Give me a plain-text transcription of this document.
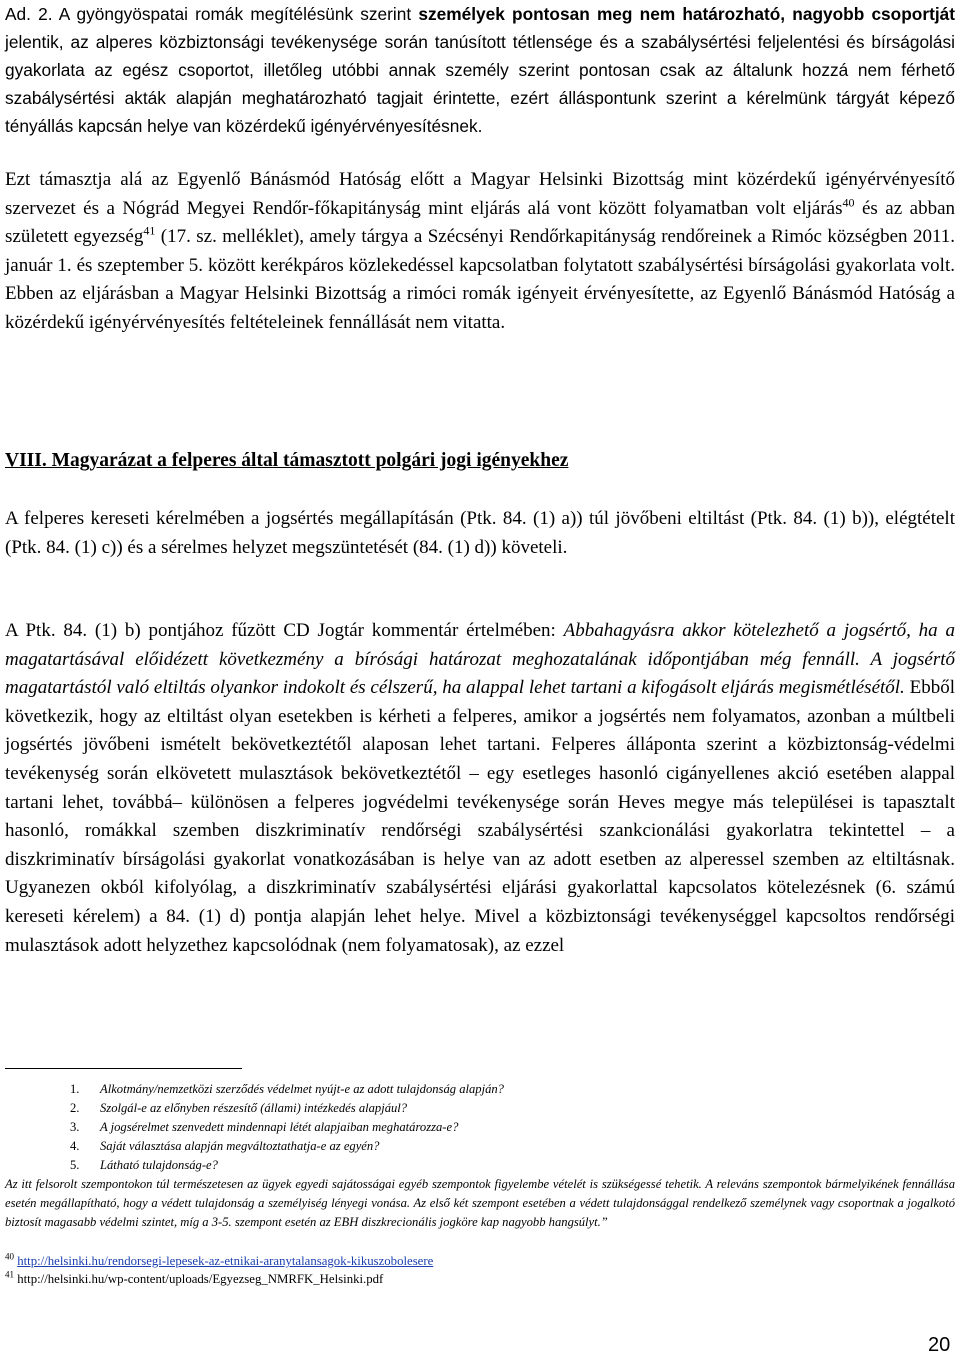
Ad. 2. A gyöngyöspatai romák megítélésünk szerint személyek pontosan meg nem határozható, nagyobb csoportját jelentik, az alperes közbiztonsági tevékenysége során tanúsított tétlensége és a szabálysértési feljelentési és bírságolási gyakorlata az egész csoportot, illetőleg utóbbi annak személy szerint pontosan csak az általunk hozzá nem férhető szabálysértési akták alapján meghatározható tagjait érintette, ezért álláspontunk szerint a kérelmünk tárgyát képező tényállás kapcsán helye van közérdekű igényérvényesítésnek.

Ezt támasztja alá az Egyenlő Bánásmód Hatóság előtt a Magyar Helsinki Bizottság mint közérdekű igényérvényesítő szervezet és a Nógrád Megyei Rendőr-főkapitányság mint eljárás alá vont között folyamatban volt eljárás$^{40}$ és az abban született egyezség$^{41}$ (17. sz. melléklet), amely tárgya a Szécsényi Rendőrkapitányság rendőreinek a Rimóc községben 2011. január 1. és szeptember 5. között kerékpáros közlekedéssel kapcsolatban folytatott szabálysértési bírságolási gyakorlata volt. Ebben az eljárásban a Magyar Helsinki Bizottság a rimóci romák igényeit érvényesítette, az Egyenlő Bánásmód Hatóság a közérdekű igényérvényesítés feltételeinek fennállását nem vitatta.

VIII. Magyarázat a felperes által támasztott polgári jogi igényekhez

A felperes kereseti kérelmében a jogsértés megállapításán (Ptk. 84. (1) a)) túl jövőbeni eltiltást (Ptk. 84. (1) b)), elégtételt (Ptk. 84. (1) c)) és a sérelmes helyzet megszüntetését (84. (1) d)) követeli.

A Ptk. 84. (1) b) pontjához fűzött CD Jogtár kommentár értelmében: Abbahagyásra akkor kötelezhető a jogsértő, ha a magatartásával előidézett következmény a bírósági határozat meghozatalának időpontjában még fennáll. A jogsértő magatartástól való eltiltás olyankor indokolt és célszerű, ha alappal lehet tartani a kifogásolt eljárás megismétlésétől. Ebből következik, hogy az eltiltást olyan esetekben is kérheti a felperes, amikor a jogsértés nem folyamatos, azonban a múltbeli jogsértés jövőbeni ismételt bekövetkeztétől alaposan lehet tartani. Felperes álláponta szerint a közbiztonság-védelmi tevékenység során elkövetett mulasztások bekövetkeztétől – egy esetleges hasonló cigányellenes akció esetében alappal tartani lehet, továbbá– különösen a felperes jogvédelmi tevékenysége során Heves megye más települései is tapasztalt hasonló, romákkal szemben diszkriminatív rendőrségi szabálysértési szankcionálási gyakorlatra tekintettel – a diszkriminatív bírságolási gyakorlat vonatkozásában is helye van az adott esetben az alperessel szemben az eltiltásnak. Ugyanezen okból kifolyólag, a diszkriminatív szabálysértési eljárási gyakorlattal kapcsolatos kötelezésnek (6. számú kereseti kérelem) a 84. (1) d) pontja alapján lehet helye. Mivel a közbiztonsági tevékenységgel kapcsoltos rendőrségi mulasztások adott helyzethez kapcsolódnak (nem folyamatosak), az ezzel

1.	Alkotmány/nemzetközi szerződés védelmet nyújt-e az adott tulajdonság alapján?
2.	Szolgál-e az előnyben részesítő (állami) intézkedés alapjául?
3.	A jogsérelmet szenvedett mindennapi létét alapjaiban meghatározza-e?
4.	Saját választása alapján megváltoztathatja-e az egyén?
5.	Látható tulajdonság-e?

Az itt felsorolt szempontokon túl természetesen az ügyek egyedi sajátosságai egyéb szempontok figyelembe vételét is szükségessé tehetik. A releváns szempontok bármelyikének fennállása esetén megállapítható, hogy a védett tulajdonság a személyiség lényegi vonása. Az első két szempont esetében a védett tulajdonsággal rendelkező személynek vagy csoportnak a jogalkotó biztosít magasabb védelmi szintet, míg a 3-5. szempont esetén az EBH diszkrecionális jogköre kap nagyobb hangsúlyt.”

$^{40}$ http://helsinki.hu/rendorsegi-lepesek-az-etnikai-aranytalansagok-kikuszobolesere

$^{41}$ http://helsinki.hu/wp-content/uploads/Egyezseg_NMRFK_Helsinki.pdf

20
